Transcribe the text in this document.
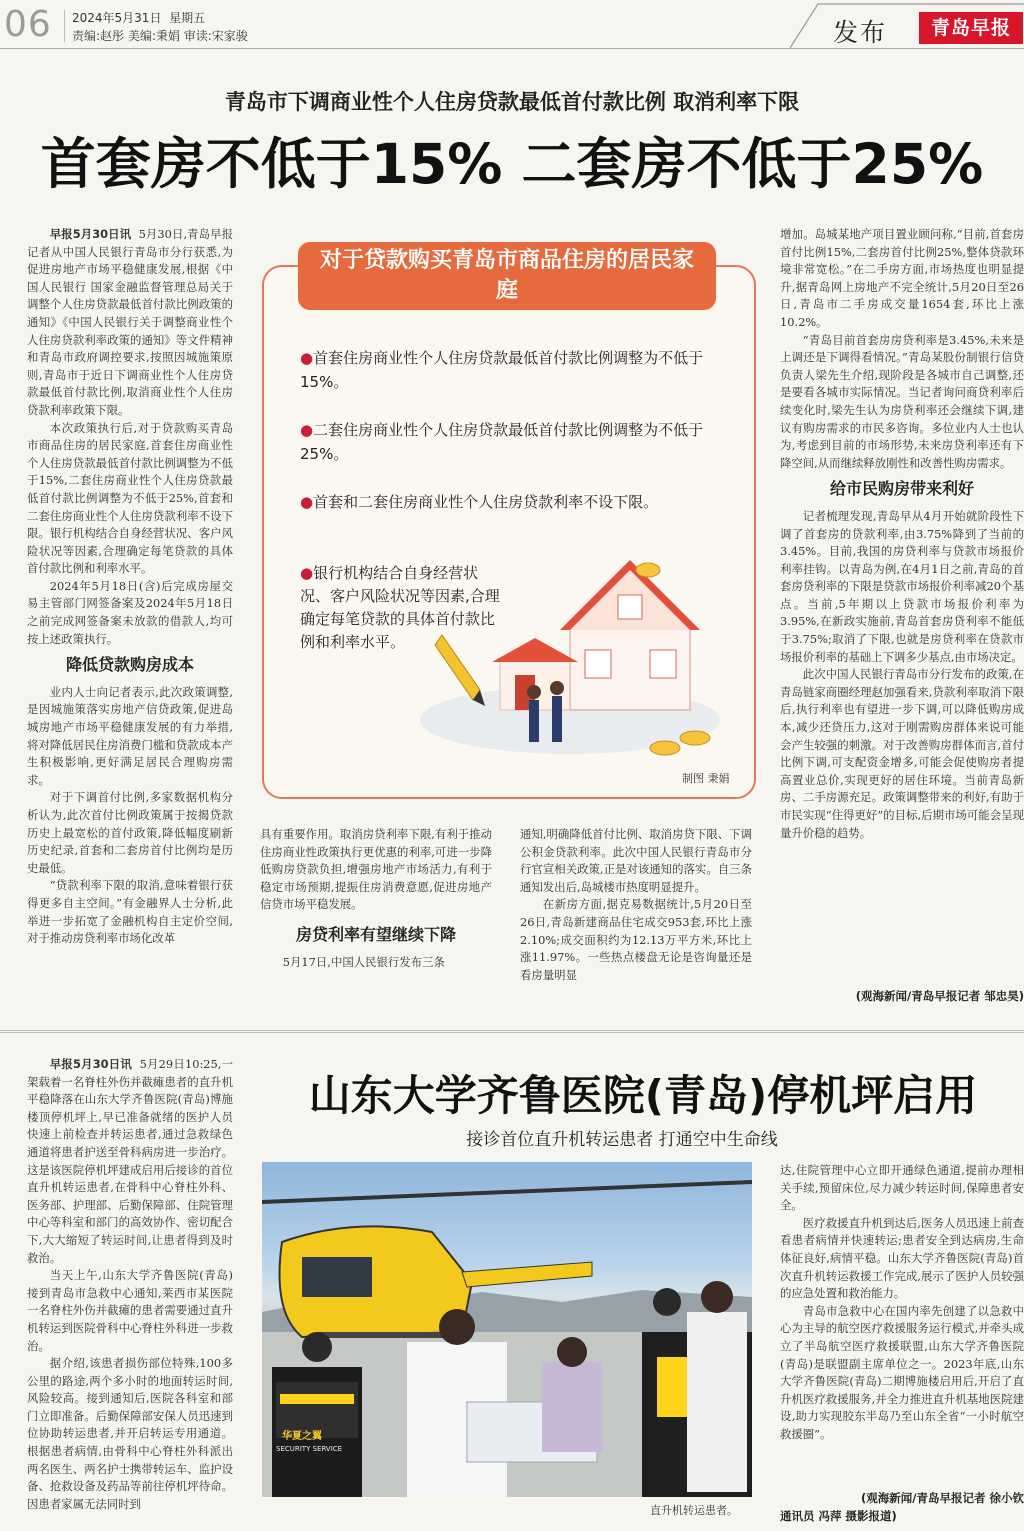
06 2024年5月31日 星期五
责编:赵彤 美编:秉娟 审读:宋家骏	发布	青岛早报
青岛市下调商业性个人住房贷款最低首付款比例 取消利率下限
首套房不低于15% 二套房不低于25%

早报5月30日讯 5月30日,青岛早报记者从中国人民银行青岛市分行获悉,为促进房地产市场平稳健康发展,根据《中国人民银行 国家金融监督管理总局关于调整个人住房贷款最低首付款比例政策的通知》《中国人民银行关于调整商业性个人住房贷款利率政策的通知》等文件精神和青岛市政府调控要求,按照因城施策原则,青岛市于近日下调商业性个人住房贷款最低首付款比例,取消商业性个人住房贷款利率政策下限。

本次政策执行后,对于贷款购买青岛市商品住房的居民家庭,首套住房商业性个人住房贷款最低首付款比例调整为不低于15%,二套住房商业性个人住房贷款最低首付款比例调整为不低于25%,首套和二套住房商业性个人住房贷款利率不设下限。银行机构结合自身经营状况、客户风险状况等因素,合理确定每笔贷款的具体首付款比例和利率水平。

2024年5月18日(含)后完成房屋交易主管部门网签备案及2024年5月18日之前完成网签备案未放款的借款人,均可按上述政策执行。

降低贷款购房成本

业内人士向记者表示,此次政策调整,是因城施策落实房地产信贷政策,促进岛城房地产市场平稳健康发展的有力举措,将对降低居民住房消费门槛和贷款成本产生积极影响,更好满足居民合理购房需求。

对于下调首付比例,多家数据机构分析认为,此次首付比例政策属于按揭贷款历史上最宽松的首付政策,降低幅度刷新历史纪录,首套和二套房首付比例均是历史最低。

“贷款利率下限的取消,意味着银行获得更多自主空间。”有金融界人士分析,此举进一步拓宽了金融机构自主定价空间,对于推动房贷利率市场化改革

对于贷款购买青岛市商品住房的居民家庭
●首套住房商业性个人住房贷款最低首付款比例调整为不低于15%。
●二套住房商业性个人住房贷款最低首付款比例调整为不低于25%。
●首套和二套住房商业性个人住房贷款利率不设下限。
●银行机构结合自身经营状况、客户风险状况等因素,合理确定每笔贷款的具体首付款比例和利率水平。
制图 秉娟

具有重要作用。取消房贷利率下限,有利于推动住房商业性政策执行更优惠的利率,可进一步降低购房贷款负担,增强房地产市场活力,有利于稳定市场预期,提振住房消费意愿,促进房地产信贷市场平稳发展。

房贷利率有望继续下降

5月17日,中国人民银行发布三条

通知,明确降低首付比例、取消房贷下限、下调公积金贷款利率。此次中国人民银行青岛市分行官宣相关政策,正是对该通知的落实。自三条通知发出后,岛城楼市热度明显提升。

在新房方面,据克易数据统计,5月20日至26日,青岛新建商品住宅成交953套,环比上涨2.10%;成交面积约为12.13万平方米,环比上涨11.97%。一些热点楼盘无论是咨询量还是看房量明显

增加。岛城某地产项目置业顾问称,“目前,首套房首付比例15%,二套房首付比例25%,整体贷款环境非常宽松。”在二手房方面,市场热度也明显提升,据青岛网上房地产不完全统计,5月20日至26日,青岛市二手房成交量1654套,环比上涨10.2%。

“青岛目前首套房房贷利率是3.45%,未来是上调还是下调得看情况。”青岛某股份制银行信贷负责人梁先生介绍,现阶段是各城市自己调整,还是要看各城市实际情况。当记者询问商贷利率后续变化时,梁先生认为房贷利率还会继续下调,建议有购房需求的市民多咨询。多位业内人士也认为,考虑到目前的市场形势,未来房贷利率还有下降空间,从而继续释放刚性和改善性购房需求。

给市民购房带来利好

记者梳理发现,青岛早从4月开始就阶段性下调了首套房的贷款利率,由3.75%降到了当前的3.45%。目前,我国的房贷利率与贷款市场报价利率挂钩。以青岛为例,在4月1日之前,青岛的首套房贷利率的下限是贷款市场报价利率减20个基点。当前,5年期以上贷款市场报价利率为3.95%,在新政实施前,青岛首套房贷利率不能低于3.75%;取消了下限,也就是房贷利率在贷款市场报价利率的基础上下调多少基点,由市场决定。

此次中国人民银行青岛市分行发布的政策,在青岛链家商圈经理赵加强看来,贷款利率取消下限后,执行利率也有望进一步下调,可以降低购房成本,减少还贷压力,这对于刚需购房群体来说可能会产生较强的刺激。对于改善购房群体而言,首付比例下调,可支配资金增多,可能会促使购房者提高置业总价,实现更好的居住环境。当前青岛新房、二手房源充足。政策调整带来的利好,有助于市民实现“住得更好”的目标,后期市场可能会呈现量升价稳的趋势。

(观海新闻/青岛早报记者 邹忠昊)

早报5月30日讯 5月29日10:25,一架载着一名脊柱外伤并截瘫患者的直升机平稳降落在山东大学齐鲁医院(青岛)博施楼顶停机坪上,早已准备就绪的医护人员快速上前检查并转运患者,通过急救绿色通道将患者护送至骨科病房进一步治疗。这是该医院停机坪建成启用后接诊的首位直升机转运患者,在骨科中心脊柱外科、医务部、护理部、后勤保障部、住院管理中心等科室和部门的高效协作、密切配合下,大大缩短了转运时间,让患者得到及时救治。

当天上午,山东大学齐鲁医院(青岛)接到青岛市急救中心通知,莱西市某医院一名脊柱外伤并截瘫的患者需要通过直升机转运到医院骨科中心脊柱外科进一步救治。

据介绍,该患者损伤部位特殊,100多公里的路途,两个多小时的地面转运时间,风险较高。接到通知后,医院各科室和部门立即准备。后勤保障部安保人员迅速到位协助转运患者,并开启转运专用通道。根据患者病情,由骨科中心脊柱外科派出两名医生、两名护士携带转运车、监护设备、抢救设备及药品等前往停机坪待命。因患者家属无法同时到

山东大学齐鲁医院(青岛)停机坪启用
接诊首位直升机转运患者 打通空中生命线
华夏之翼
SECURITY SERVICE
直升机转运患者。

达,住院管理中心立即开通绿色通道,提前办理相关手续,预留床位,尽力减少转运时间,保障患者安全。

医疗救援直升机到达后,医务人员迅速上前查看患者病情并快速转运;患者安全到达病房,生命体征良好,病情平稳。山东大学齐鲁医院(青岛)首次直升机转运救援工作完成,展示了医护人员较强的应急处置和救治能力。

青岛市急救中心在国内率先创建了以急救中心为主导的航空医疗救援服务运行模式,并牵头成立了半岛航空医疗救援联盟,山东大学齐鲁医院(青岛)是联盟副主席单位之一。2023年底,山东大学齐鲁医院(青岛)二期博施楼启用后,开启了直升机医疗救援服务,并全力推进直升机基地医院建设,助力实现胶东半岛乃至山东全省“一小时航空救援圈”。

(观海新闻/青岛早报记者 徐小钦
通讯员 冯萍 摄影报道)
